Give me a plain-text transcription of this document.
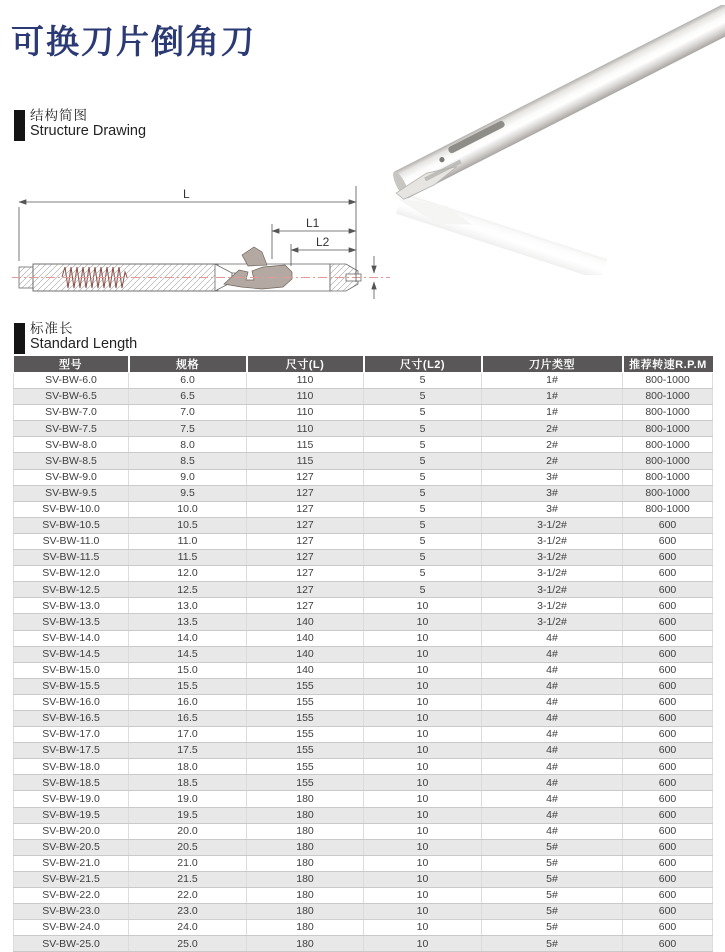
可换刀片倒角刀
结构简图
Structure Drawing
L
L1
L2
标准长
Standard Length
型号	规格	尺寸(L)	尺寸(L2)	刀片类型	推荐转速R.P.M
SV-BW-6.0	6.0	110	5	1#	800-1000
SV-BW-6.5	6.5	110	5	1#	800-1000
SV-BW-7.0	7.0	110	5	1#	800-1000
SV-BW-7.5	7.5	110	5	2#	800-1000
SV-BW-8.0	8.0	115	5	2#	800-1000
SV-BW-8.5	8.5	115	5	2#	800-1000
SV-BW-9.0	9.0	127	5	3#	800-1000
SV-BW-9.5	9.5	127	5	3#	800-1000
SV-BW-10.0	10.0	127	5	3#	800-1000
SV-BW-10.5	10.5	127	5	3-1/2#	600
SV-BW-11.0	11.0	127	5	3-1/2#	600
SV-BW-11.5	11.5	127	5	3-1/2#	600
SV-BW-12.0	12.0	127	5	3-1/2#	600
SV-BW-12.5	12.5	127	5	3-1/2#	600
SV-BW-13.0	13.0	127	10	3-1/2#	600
SV-BW-13.5	13.5	140	10	3-1/2#	600
SV-BW-14.0	14.0	140	10	4#	600
SV-BW-14.5	14.5	140	10	4#	600
SV-BW-15.0	15.0	140	10	4#	600
SV-BW-15.5	15.5	155	10	4#	600
SV-BW-16.0	16.0	155	10	4#	600
SV-BW-16.5	16.5	155	10	4#	600
SV-BW-17.0	17.0	155	10	4#	600
SV-BW-17.5	17.5	155	10	4#	600
SV-BW-18.0	18.0	155	10	4#	600
SV-BW-18.5	18.5	155	10	4#	600
SV-BW-19.0	19.0	180	10	4#	600
SV-BW-19.5	19.5	180	10	4#	600
SV-BW-20.0	20.0	180	10	4#	600
SV-BW-20.5	20.5	180	10	5#	600
SV-BW-21.0	21.0	180	10	5#	600
SV-BW-21.5	21.5	180	10	5#	600
SV-BW-22.0	22.0	180	10	5#	600
SV-BW-23.0	23.0	180	10	5#	600
SV-BW-24.0	24.0	180	10	5#	600
SV-BW-25.0	25.0	180	10	5#	600
